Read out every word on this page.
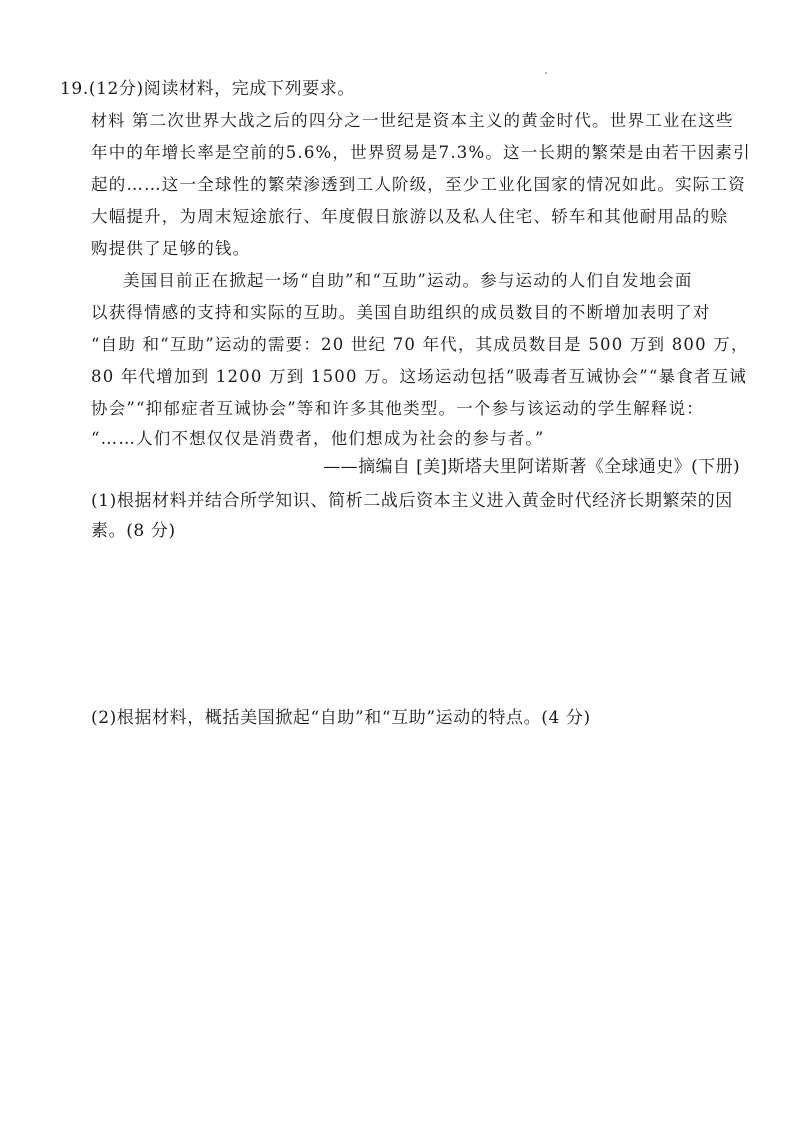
19.(12分)阅读材料，完成下列要求。
材料 第二次世界大战之后的四分之一世纪是资本主义的黄金时代。世界工业在这些
年中的年增长率是空前的5.6%，世界贸易是7.3%。这一长期的繁荣是由若干因素引
起的……这一全球性的繁荣渗透到工人阶级，至少工业化国家的情况如此。实际工资
大幅提升，为周末短途旅行、年度假日旅游以及私人住宅、轿车和其他耐用品的赊
购提供了足够的钱。
美国目前正在掀起一场“自助”和“互助”运动。参与运动的人们自发地会面
以获得情感的支持和实际的互助。美国自助组织的成员数目的不断增加表明了对
“自助 和“互助”运动的需要：20 世纪 70 年代，其成员数目是 500 万到 800 万，
80 年代增加到 1200 万到 1500 万。这场运动包括“吸毒者互诫协会”“暴食者互诫
协会”“抑郁症者互诫协会”等和许多其他类型。一个参与该运动的学生解释说：
“……人们不想仅仅是消费者，他们想成为社会的参与者。”
——摘编自 [美]斯塔夫里阿诺斯著《全球通史》(下册)
(1)根据材料并结合所学知识、简析二战后资本主义进入黄金时代经济长期繁荣的因
素。(8 分)
(2)根据材料，概括美国掀起“自助”和“互助”运动的特点。(4 分)
